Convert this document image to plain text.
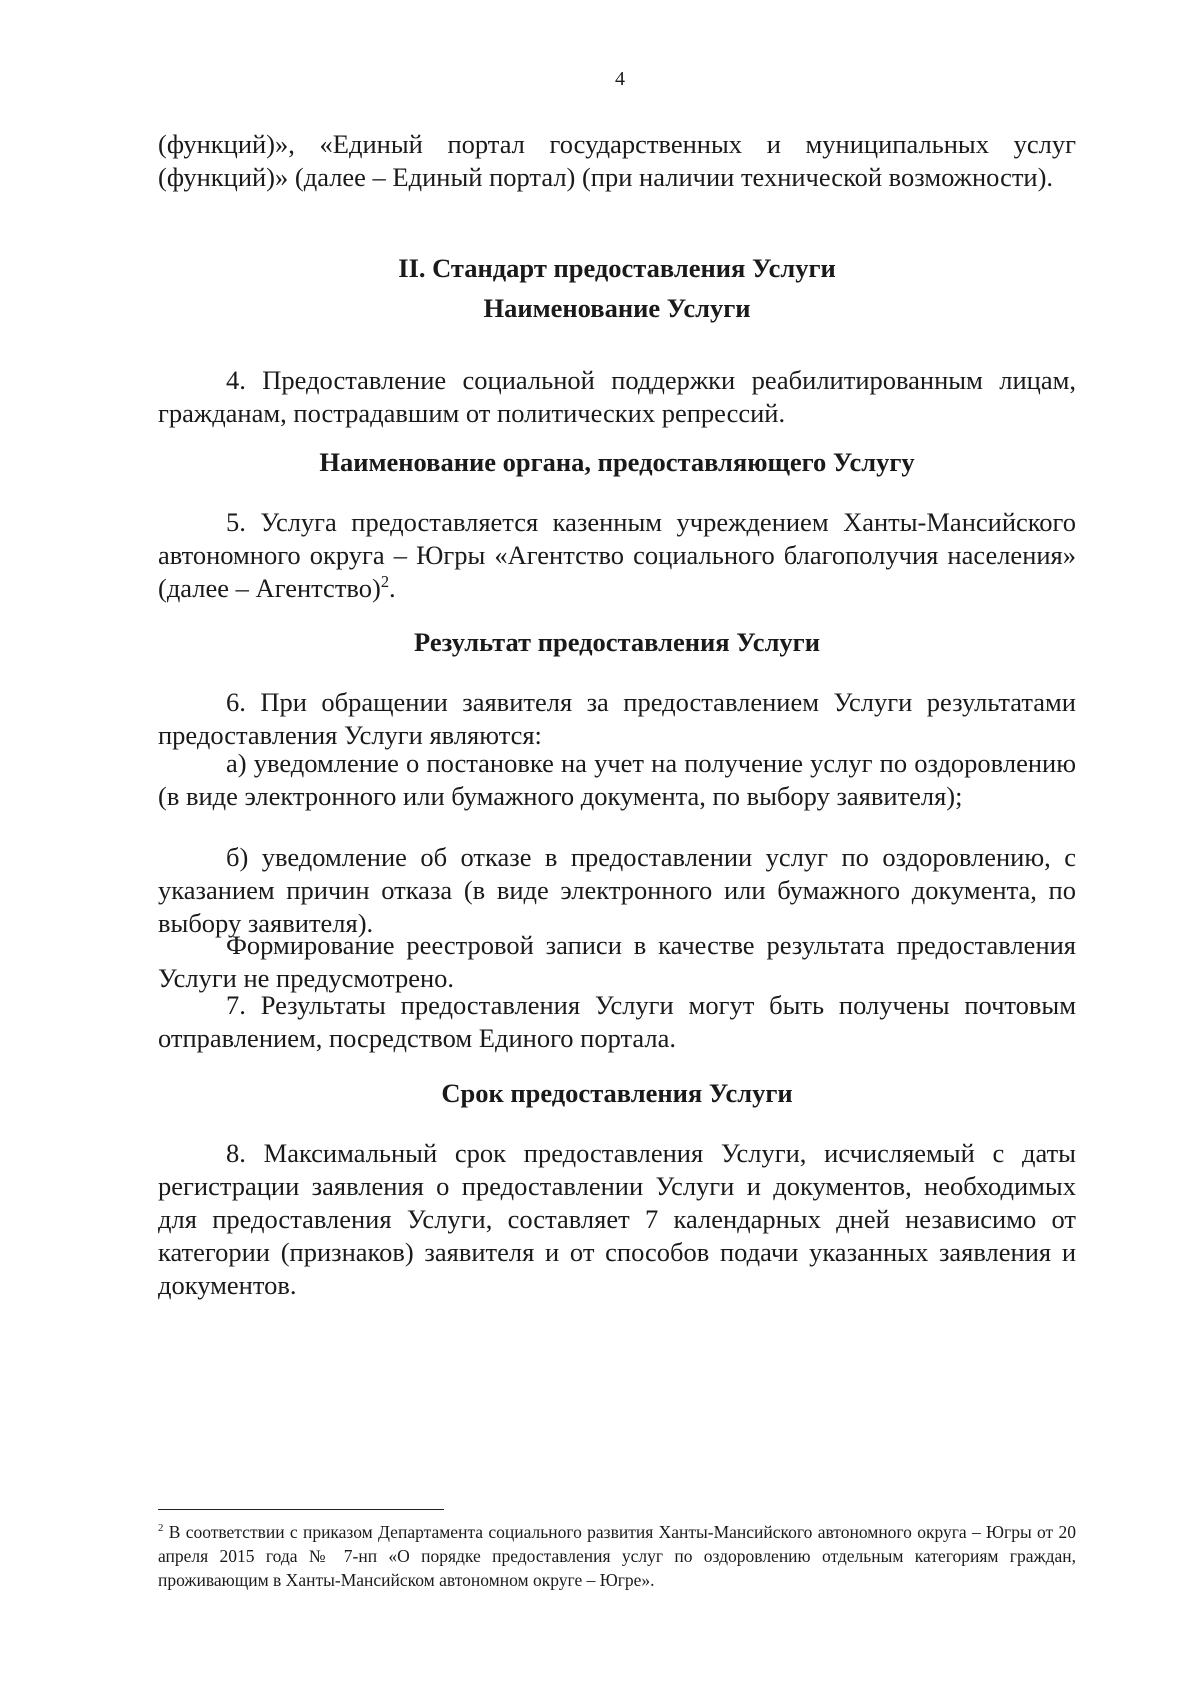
4

(функций)», «Единый портал государственных и муниципальных услуг (функций)» (далее – Единый портал) (при наличии технической возможности).

II. Стандарт предоставления Услуги
Наименование Услуги

4. Предоставление социальной поддержки реабилитированным лицам, гражданам, пострадавшим от политических репрессий.

Наименование органа, предоставляющего Услугу

5. Услуга предоставляется казенным учреждением Ханты-Мансийского автономного округа – Югры «Агентство социального благополучия населения» (далее – Агентство)$^2$.

Результат предоставления Услуги

6. При обращении заявителя за предоставлением Услуги результатами предоставления Услуги являются:

а) уведомление о постановке на учет на получение услуг по оздоровлению (в виде электронного или бумажного документа, по выбору заявителя);

б) уведомление об отказе в предоставлении услуг по оздоровлению, с указанием причин отказа (в виде электронного или бумажного документа, по выбору заявителя).

Формирование реестровой записи в качестве результата предоставления Услуги не предусмотрено.

7. Результаты предоставления Услуги могут быть получены почтовым отправлением, посредством Единого портала.

Срок предоставления Услуги

8. Максимальный срок предоставления Услуги, исчисляемый с даты регистрации заявления о предоставлении Услуги и документов, необходимых для предоставления Услуги, составляет 7 календарных дней независимо от категории (признаков) заявителя и от способов подачи указанных заявления и документов.

$^2$ В соответствии с приказом Департамента социального развития Ханты-Мансийского автономного округа – Югры от 20 апреля 2015 года № 7-нп «О порядке предоставления услуг по оздоровлению отдельным категориям граждан, проживающим в Ханты-Мансийском автономном округе – Югре».
